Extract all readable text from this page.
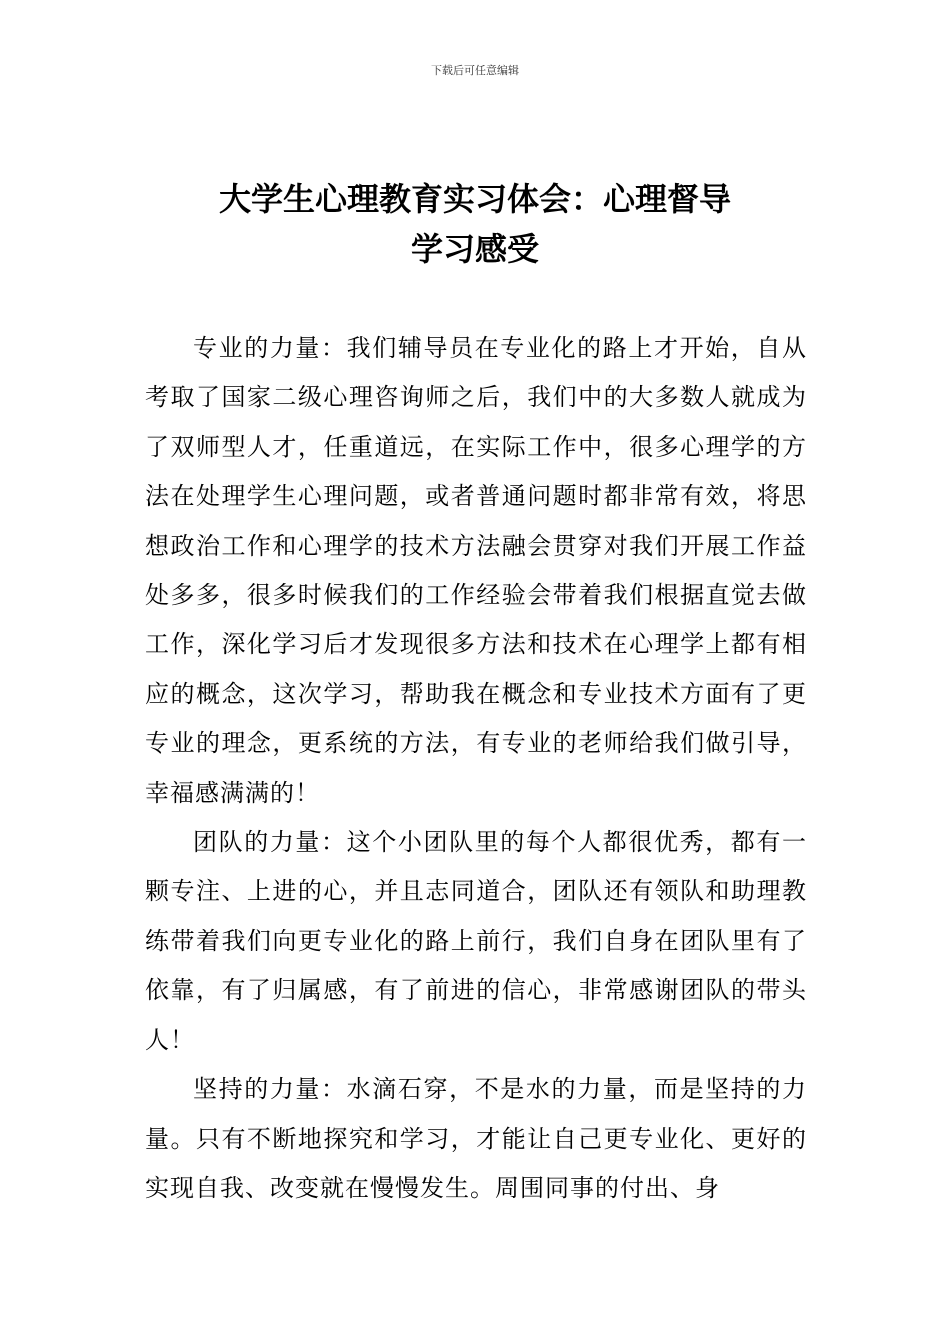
下载后可任意编辑
大学生心理教育实习体会：心理督导
学习感受

专业的力量：我们辅导员在专业化的路上才开始，自从考取了国家二级心理咨询师之后，我们中的大多数人就成为了双师型人才，任重道远，在实际工作中，很多心理学的方法在处理学生心理问题，或者普通问题时都非常有效，将思想政治工作和心理学的技术方法融会贯穿对我们开展工作益处多多，很多时候我们的工作经验会带着我们根据直觉去做工作，深化学习后才发现很多方法和技术在心理学上都有相应的概念，这次学习，帮助我在概念和专业技术方面有了更专业的理念，更系统的方法，有专业的老师给我们做引导，幸福感满满的！

团队的力量：这个小团队里的每个人都很优秀，都有一颗专注、上进的心，并且志同道合，团队还有领队和助理教练带着我们向更专业化的路上前行，我们自身在团队里有了依靠，有了归属感，有了前进的信心，非常感谢团队的带头人！

坚持的力量：水滴石穿，不是水的力量，而是坚持的力量。只有不断地探究和学习，才能让自己更专业化、更好的实现自我、改变就在慢慢发生。周围同事的付出、身
